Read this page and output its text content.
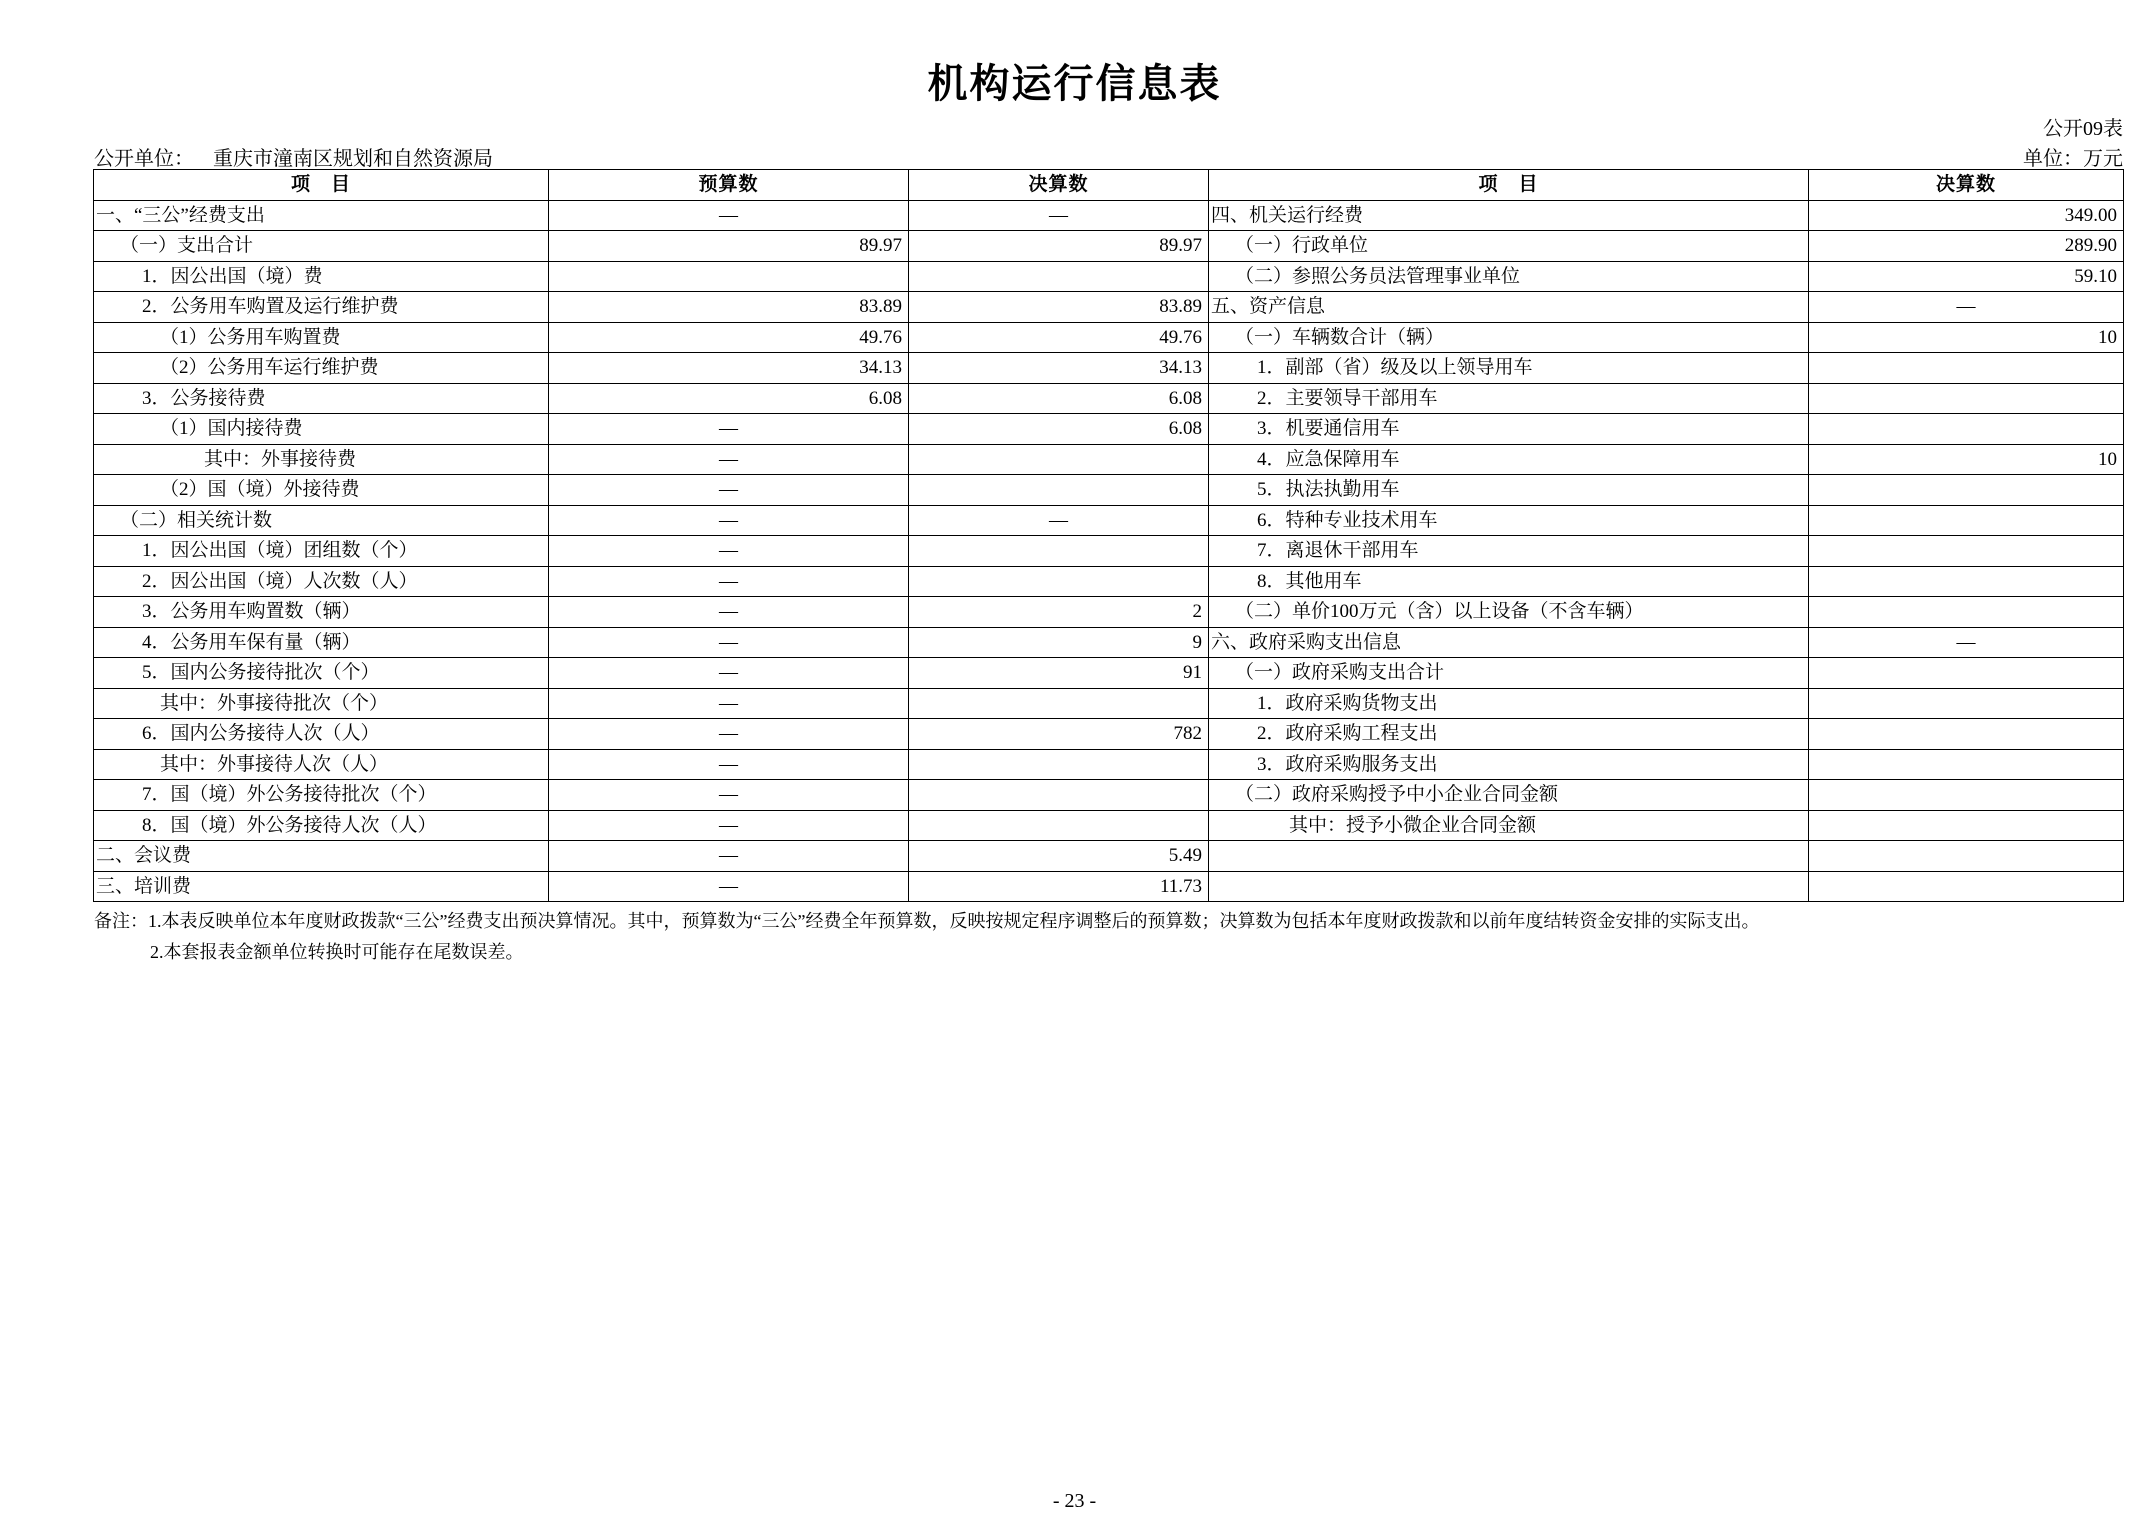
机构运行信息表
公开09表
公开单位： 重庆市潼南区规划和自然资源局	单位：万元
项　目	预算数	决算数	项　目	决算数
一、“三公”经费支出	—	—	四、机关运行经费	349.00
（一）支出合计	89.97	89.97	（一）行政单位	289.90
1．因公出国（境）费			（二）参照公务员法管理事业单位	59.10
2．公务用车购置及运行维护费	83.89	83.89	五、资产信息	—
（1）公务用车购置费	49.76	49.76	（一）车辆数合计（辆）	10
（2）公务用车运行维护费	34.13	34.13	1．副部（省）级及以上领导用车	
3．公务接待费	6.08	6.08	2．主要领导干部用车	
（1）国内接待费	—	6.08	3．机要通信用车	
其中：外事接待费	—		4．应急保障用车	10
（2）国（境）外接待费	—		5．执法执勤用车	
（二）相关统计数	—	—	6．特种专业技术用车	
1．因公出国（境）团组数（个）	—		7．离退休干部用车	
2．因公出国（境）人次数（人）	—		8．其他用车	
3．公务用车购置数（辆）	—	2	（二）单价100万元（含）以上设备（不含车辆）	
4．公务用车保有量（辆）	—	9	六、政府采购支出信息	—
5．国内公务接待批次（个）	—	91	（一）政府采购支出合计	
其中：外事接待批次（个）	—		1．政府采购货物支出	
6．国内公务接待人次（人）	—	782	2．政府采购工程支出	
其中：外事接待人次（人）	—		3．政府采购服务支出	
7．国（境）外公务接待批次（个）	—		（二）政府采购授予中小企业合同金额	
8．国（境）外公务接待人次（人）	—		其中：授予小微企业合同金额	
二、会议费	—	5.49		
三、培训费	—	11.73		
备注：1.本表反映单位本年度财政拨款“三公”经费支出预决算情况。其中，预算数为“三公”经费全年预算数，反映按规定程序调整后的预算数；决算数为包括本年度财政拨款和以前年度结转资金安排的实际支出。
2.本套报表金额单位转换时可能存在尾数误差。
- 23 -
